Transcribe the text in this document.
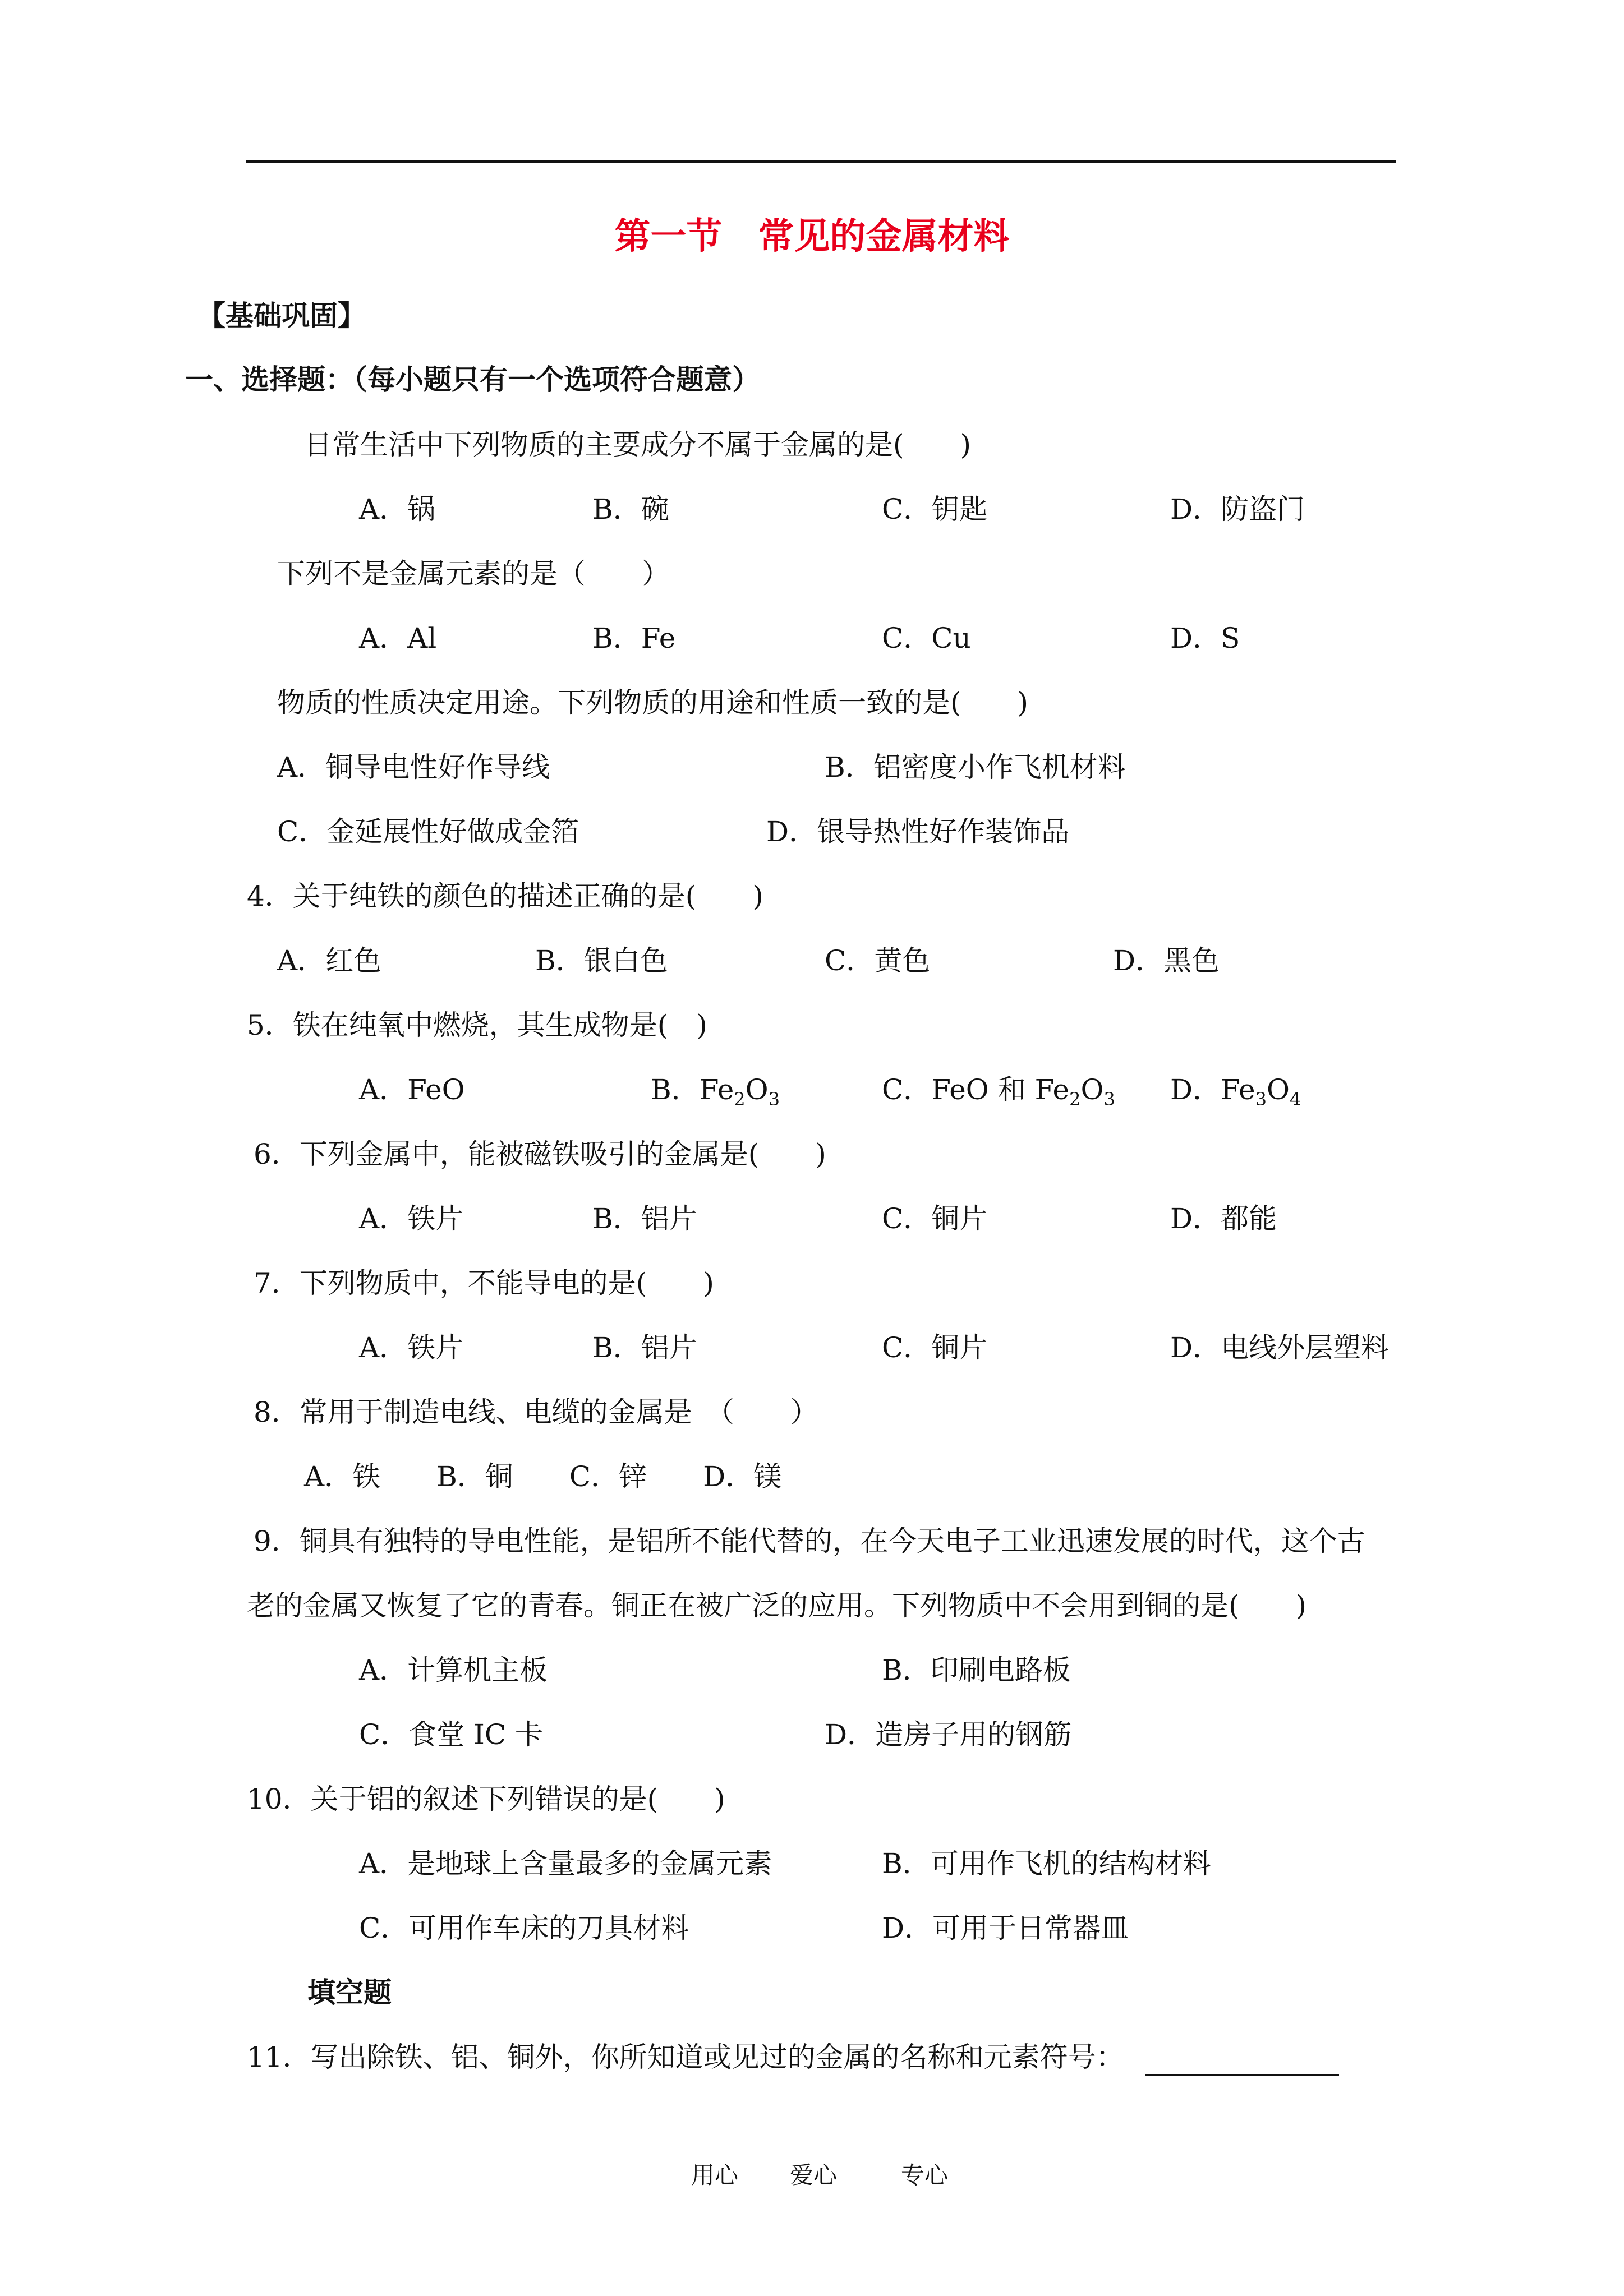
第一节　常见的金属材料
【基础巩固】
一、选择题：（每小题只有一个选项符合题意）
日常生活中下列物质的主要成分不属于金属的是(　　)
A．锅	B．碗	C．钥匙	D．防盗门
下列不是金属元素的是（　　）
A．Al	B．Fe	C．Cu	D．S
物质的性质决定用途。下列物质的用途和性质一致的是(　　)
A．铜导电性好作导线	B．铝密度小作飞机材料
C．金延展性好做成金箔	D．银导热性好作装饰品
4．关于纯铁的颜色的描述正确的是(　　)
A．红色	B．银白色	C．黄色	D．黑色
5．铁在纯氧中燃烧，其生成物是(　)
A．FeO	B．$Fe_2O_3$	C．FeO 和 $Fe_2O_3$ D．$Fe_3O_4$
6．下列金属中，能被磁铁吸引的金属是(　　)
A．铁片	B．铝片	C．铜片	D．都能
7．下列物质中，不能导电的是(　　)
A．铁片	B．铝片	C．铜片	D．电线外层塑料
8．常用于制造电线、电缆的金属是　（　　）
A．铁　　B．铜　　C．锌　　D．镁
9．铜具有独特的导电性能，是铝所不能代替的，在今天电子工业迅速发展的时代，这个古
老的金属又恢复了它的青春。铜正在被广泛的应用。下列物质中不会用到铜的是(　　)
A．计算机主板	B．印刷电路板
C．食堂 IC 卡	D．造房子用的钢筋
10．关于铝的叙述下列错误的是(　　)
A．是地球上含量最多的金属元素	B．可用作飞机的结构材料
C．可用作车床的刀具材料	D．可用于日常器皿
填空题
11．写出除铁、铝、铜外，你所知道或见过的金属的名称和元素符号：
用心 爱心	专心
